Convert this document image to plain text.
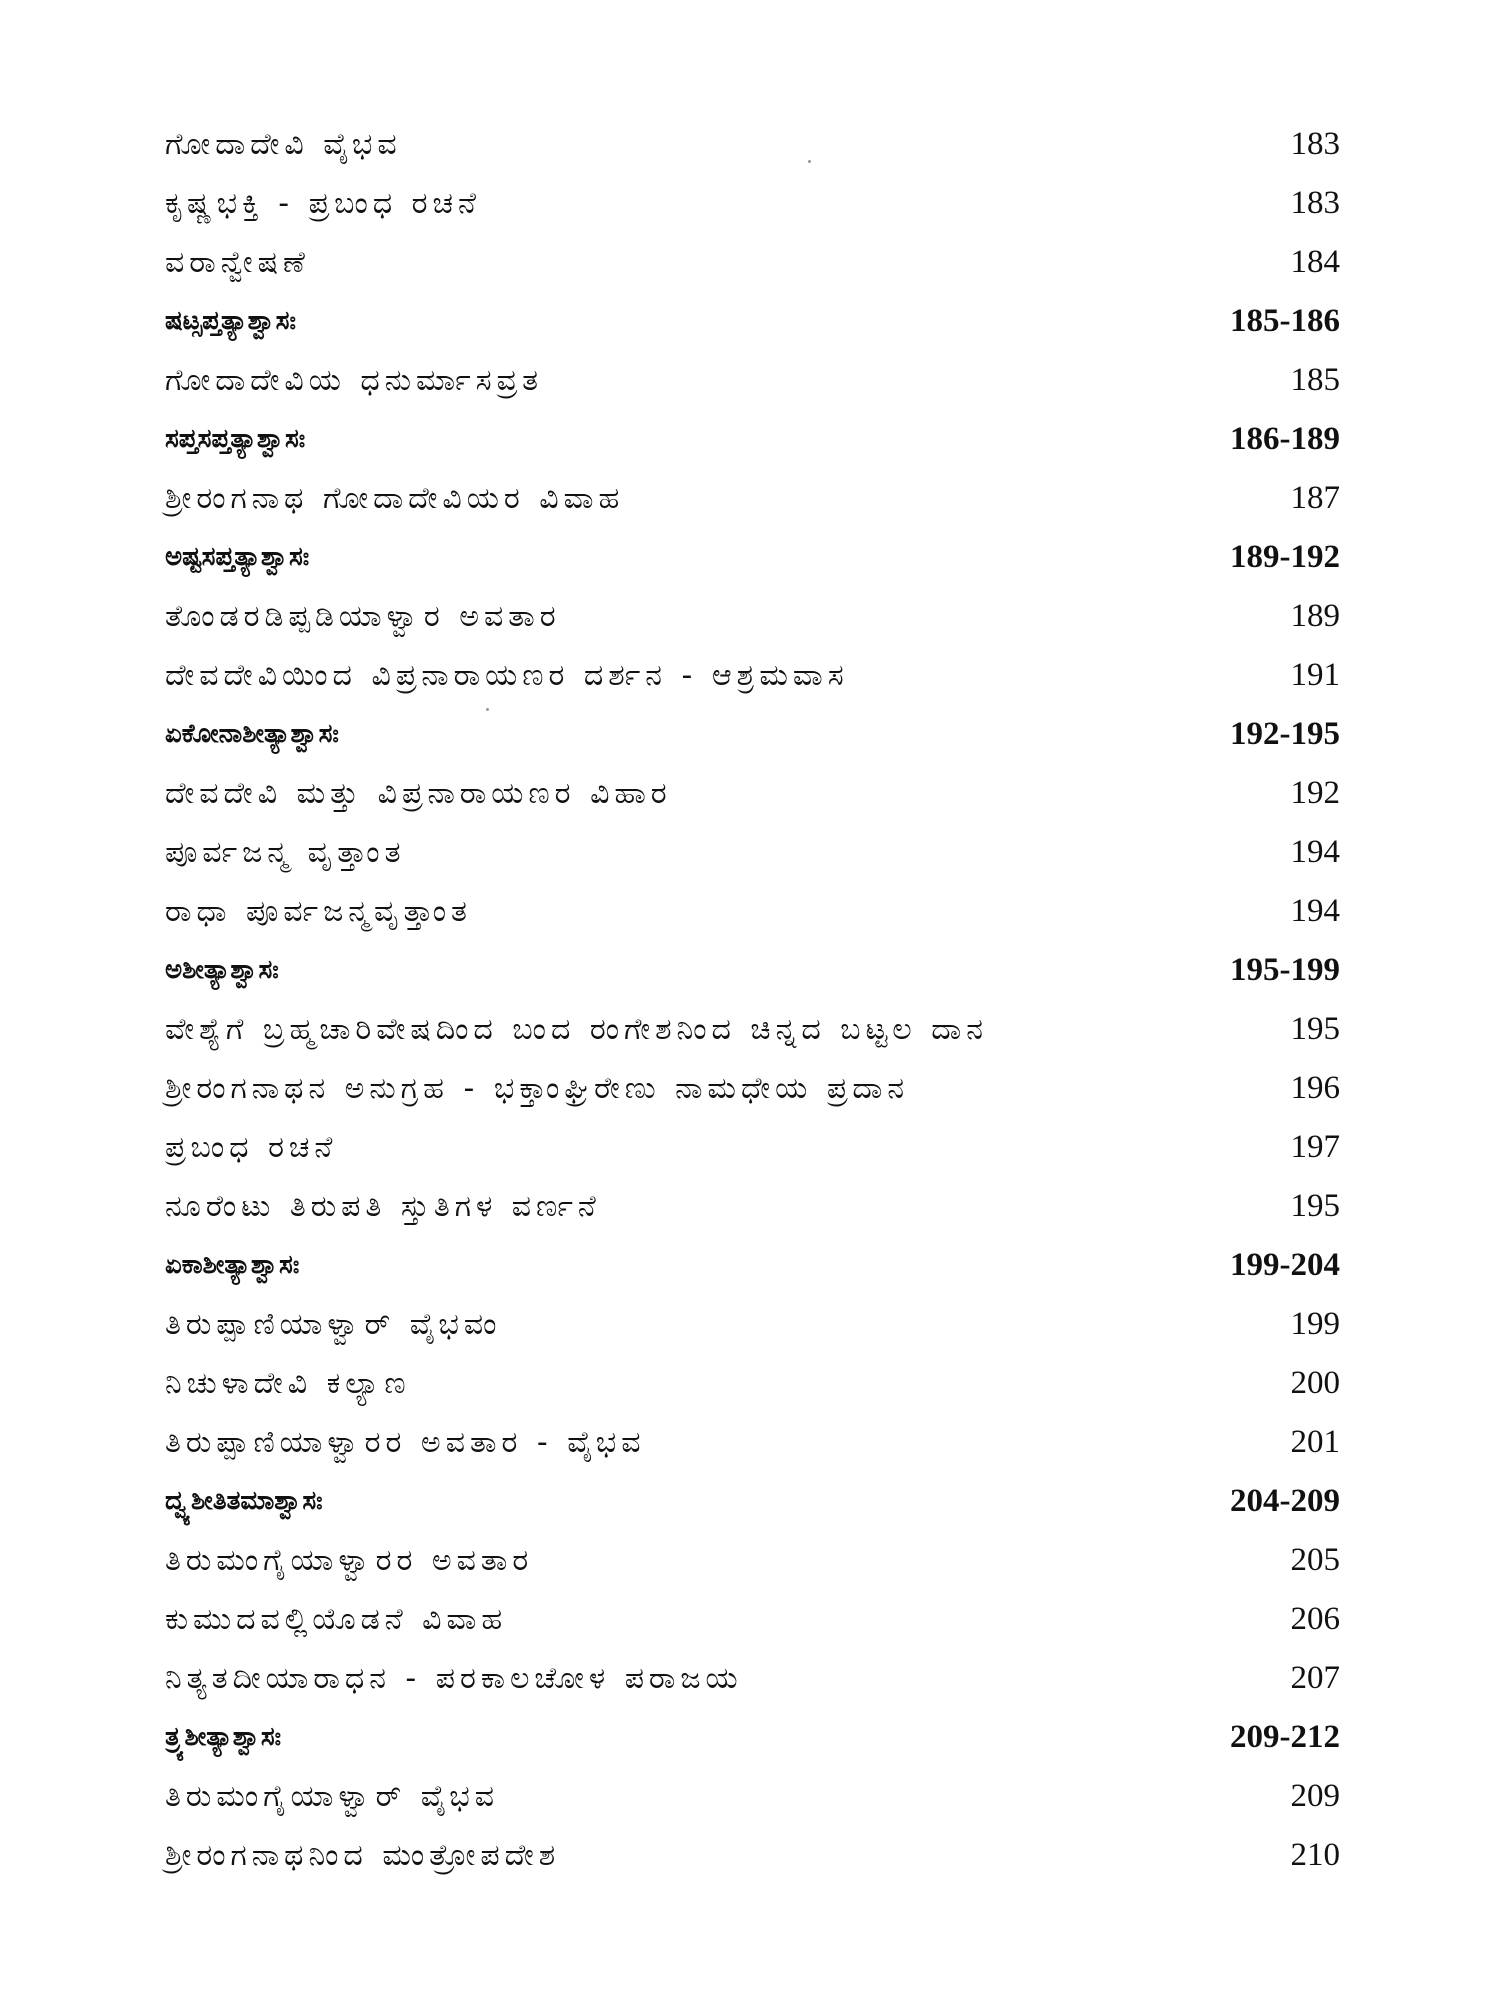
ಗೋದಾದೇವಿ ವೈಭವ	183
ಕೃಷ್ಣಭಕ್ತಿ - ಪ್ರಬಂಧ ರಚನೆ	183
ವರಾನ್ವೇಷಣೆ	184
ಷಟ್ಸಪ್ತತ್ಯಾಶ್ವಾಸಃ	185-186
ಗೋದಾದೇವಿಯ ಧನುರ್ಮಾಸವ್ರತ	185
ಸಪ್ತಸಪ್ತತ್ಯಾಶ್ವಾಸಃ	186-189
ಶ್ರೀರಂಗನಾಥ ಗೋದಾದೇವಿಯರ ವಿವಾಹ	187
ಅಷ್ಟಸಪ್ತತ್ಯಾಶ್ವಾಸಃ	189-192
ತೊಂಡರಡಿಪ್ಪಡಿಯಾಳ್ವಾರ ಅವತಾರ	189
ದೇವದೇವಿಯಿಂದ ವಿಪ್ರನಾರಾಯಣರ ದರ್ಶನ - ಆಶ್ರಮವಾಸ	191
ಏಕೋನಾಶೀತ್ಯಾಶ್ವಾಸಃ	192-195
ದೇವದೇವಿ ಮತ್ತು ವಿಪ್ರನಾರಾಯಣರ ವಿಹಾರ	192
ಪೂರ್ವಜನ್ಮ ವೃತ್ತಾಂತ	194
ರಾಧಾ ಪೂರ್ವಜನ್ಮವೃತ್ತಾಂತ	194
ಅಶೀತ್ಯಾಶ್ವಾಸಃ	195-199
ವೇಶ್ಯೆಗೆ ಬ್ರಹ್ಮಚಾರಿವೇಷದಿಂದ ಬಂದ ರಂಗೇಶನಿಂದ ಚಿನ್ನದ ಬಟ್ಟಲ ದಾನ	195
ಶ್ರೀರಂಗನಾಥನ ಅನುಗ್ರಹ - ಭಕ್ತಾಂಘ್ರಿರೇಣು ನಾಮಧೇಯ ಪ್ರದಾನ	196
ಪ್ರಬಂಧ ರಚನೆ	197
ನೂರೆಂಟು ತಿರುಪತಿ ಸ್ತುತಿಗಳ ವರ್ಣನೆ	195
ಏಕಾಶೀತ್ಯಾಶ್ವಾಸಃ	199-204
ತಿರುಪ್ಪಾಣಿಯಾಳ್ವಾರ್ ವೈಭವಂ	199
ನಿಚುಳಾದೇವಿ ಕಲ್ಯಾಣ	200
ತಿರುಪ್ಪಾಣಿಯಾಳ್ವಾರರ ಅವತಾರ - ವೈಭವ	201
ದ್ವ್ಯಶೀತಿತಮಾಶ್ವಾಸಃ	204-209
ತಿರುಮಂಗೈಯಾಳ್ವಾರರ ಅವತಾರ	205
ಕುಮುದವಲ್ಲಿಯೊಡನೆ ವಿವಾಹ	206
ನಿತ್ಯತದೀಯಾರಾಧನ - ಪರಕಾಲಚೋಳ ಪರಾಜಯ	207
ತ್ರ್ಯಶೀತ್ಯಾಶ್ವಾಸಃ	209-212
ತಿರುಮಂಗೈಯಾಳ್ವಾರ್ ವೈಭವ	209
ಶ್ರೀರಂಗನಾಥನಿಂದ ಮಂತ್ರೋಪದೇಶ	210
